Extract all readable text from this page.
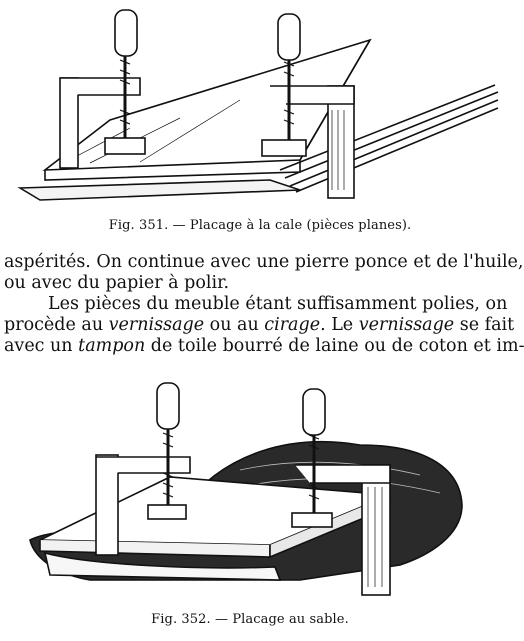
Fig. 351. — Placage à la cale (pièces planes).
aspérités. On continue avec une pierre ponce et de l'huile,
ou avec du papier à polir.
Les pièces du meuble étant suffisamment polies, on
procède au vernissage ou au cirage. Le vernissage se fait
avec un tampon de toile bourré de laine ou de coton et im-
Fig. 352. — Placage au sable.
